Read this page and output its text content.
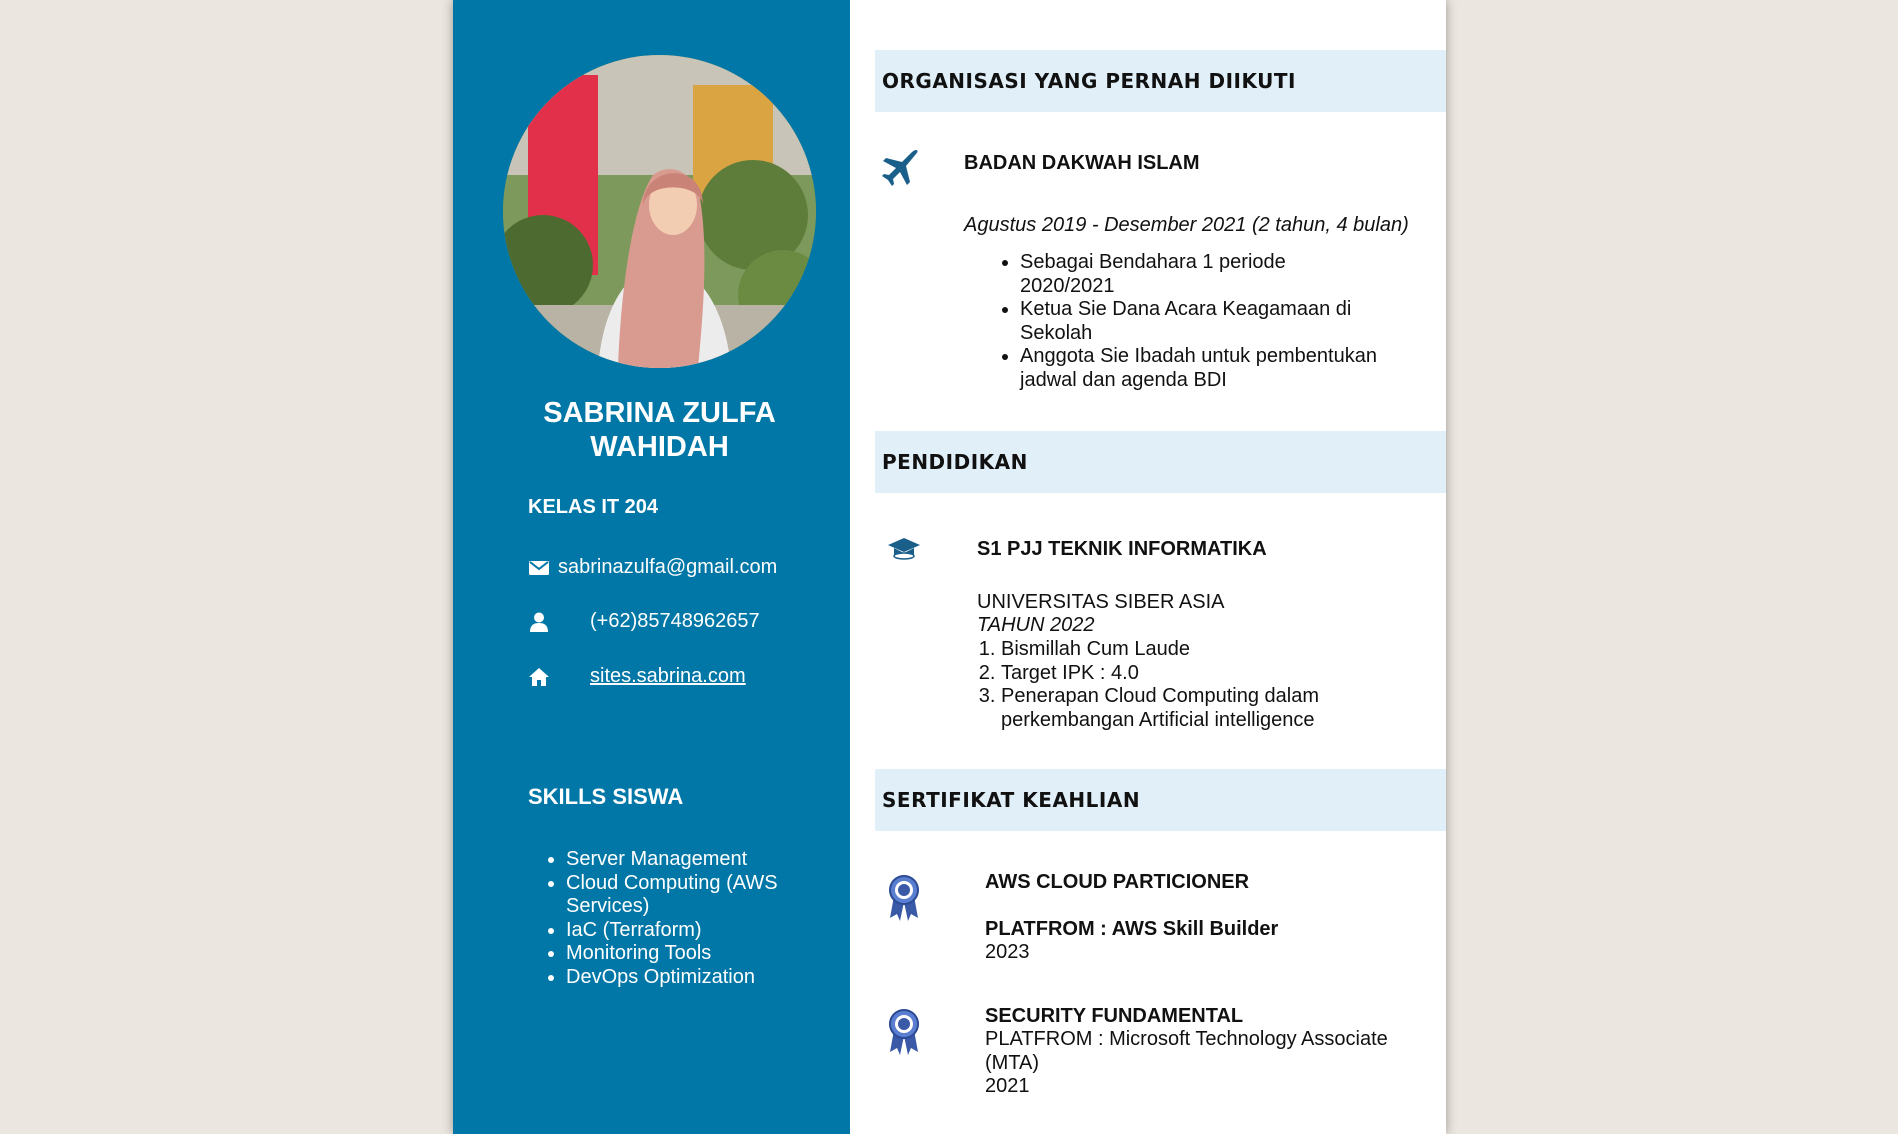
SABRINA ZULFA WAHIDAH
KELAS IT 204
sabrinazulfa@gmail.com
(+62)85748962657
sites.sabrina.com
SKILLS SISWA
• Server Management
• Cloud Computing (AWS Services)
• IaC (Terraform)
• Monitoring Tools
• DevOps Optimization
ORGANISASI YANG PERNAH DIIKUTI
BADAN DAKWAH ISLAM
Agustus 2019 - Desember 2021 (2 tahun, 4 bulan)
• Sebagai Bendahara 1 periode 2020/2021
• Ketua Sie Dana Acara Keagamaan di Sekolah
• Anggota Sie Ibadah untuk pembentukan jadwal dan agenda BDI
PENDIDIKAN
S1 PJJ TEKNIK INFORMATIKA
UNIVERSITAS SIBER ASIA
TAHUN 2022
1. Bismillah Cum Laude
2. Target IPK : 4.0
3. Penerapan Cloud Computing dalam perkembangan Artificial intelligence
SERTIFIKAT KEAHLIAN
AWS CLOUD PARTICIONER
PLATFROM : AWS Skill Builder
2023
SECURITY FUNDAMENTAL
PLATFROM : Microsoft Technology Associate (MTA)
2021
